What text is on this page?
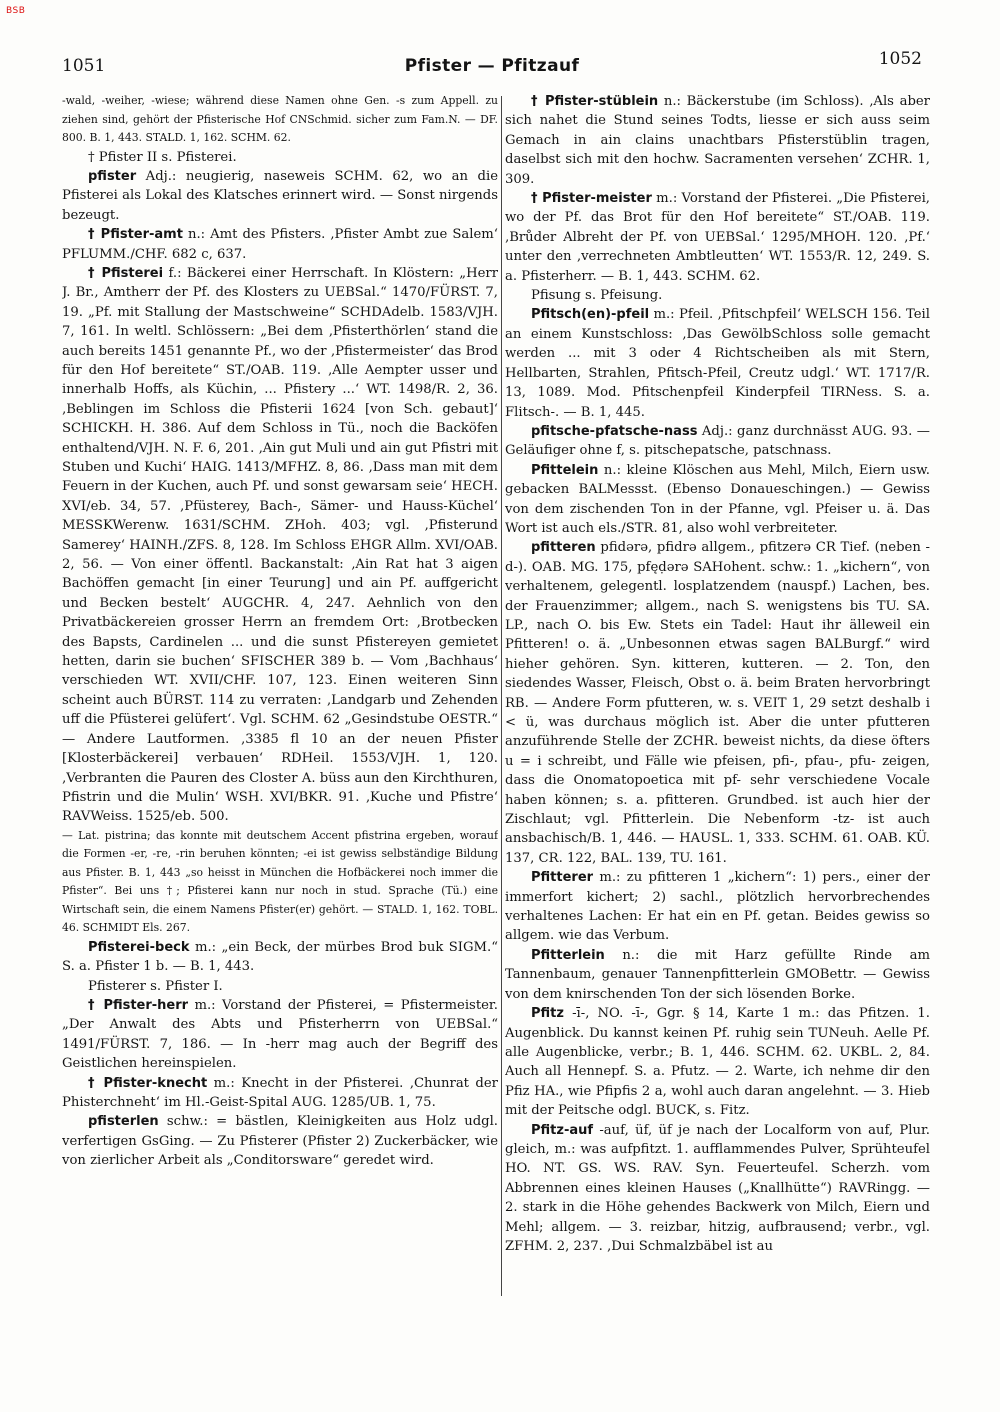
BSB
1051	Pfister — Pfitzauf	1052

-wald, -weiher, -wiese; während diese Namen ohne Gen. -s zum Appell. zu ziehen sind, gehört der Pfisterische Hof CNSchmid. sicher zum Fam.N. — DF. 800. B. 1, 443. STALD. 1, 162. SCHM. 62.

† Pfister II s. Pfisterei.

pfister Adj.: neugierig, naseweis SCHM. 62, wo an die Pfisterei als Lokal des Klatsches erinnert wird. — Sonst nirgends bezeugt.

† Pfister-amt n.: Amt des Pfisters. ‚Pfister Ambt zue Salem‘ PFLUMM./CHF. 682 c, 637.

† Pfisterei f.: Bäckerei einer Herrschaft. In Klöstern: „Herr J. Br., Amtherr der Pf. des Klosters zu UEBSal.“ 1470/FÜRST. 7, 19. „Pf. mit Stallung der Mastschweine“ SCHDAdelb. 1583/VJH. 7, 161. In weltl. Schlössern: „Bei dem ‚Pfisterthörlen‘ stand die auch bereits 1451 genannte Pf., wo der ‚Pfistermeister‘ das Brod für den Hof bereitete“ ST./OAB. 119. ‚Alle Aempter usser und innerhalb Hoffs, als Küchin, ... Pfistery ...‘ WT. 1498/R. 2, 36. ‚Beblingen im Schloss die Pfisterii 1624 [von Sch. gebaut]‘ SCHICKH. H. 386. Auf dem Schloss in Tü., noch die Backöfen enthaltend/VJH. N. F. 6, 201. ‚Ain gut Muli und ain gut Pfistri mit Stuben und Kuchi‘ HAIG. 1413/MFHZ. 8, 86. ‚Dass man mit dem Feuern in der Kuchen, auch Pf. und sonst gewarsam seie‘ HECH. XVI/eb. 34, 57. ‚Pfüsterey, Bach-, Sämer- und Hauss-Küchel‘ MESSKWerenw. 1631/SCHM. ZHoh. 403; vgl. ‚Pfisterund Samerey‘ HAINH./ZFS. 8, 128. Im Schloss EHGR Allm. XVI/OAB. 2, 56. — Von einer öffentl. Backanstalt: ‚Ain Rat hat 3 aigen Bachöffen gemacht [in einer Teurung] und ain Pf. auffgericht und Becken bestelt‘ AUGCHR. 4, 247. Aehnlich von den Privatbäckereien grosser Herrn an fremdem Ort: ‚Brotbecken des Bapsts, Cardinelen ... und die sunst Pfistereyen gemietet hetten, darin sie buchen‘ SFISCHER 389 b. — Vom ‚Bachhaus‘ verschieden WT. XVII/CHF. 107, 123. Einen weiteren Sinn scheint auch BÜRST. 114 zu verraten: ‚Landgarb und Zehenden uff die Pfüsterei gelüfert‘. Vgl. SCHM. 62 „Gesindstube OESTR.“ — Andere Lautformen. ‚3385 fl 10 an der neuen Pfister [Klosterbäckerei] verbauen‘ RDHeil. 1553/VJH. 1, 120. ‚Verbranten die Pauren des Closter A. büss aun den Kirchthuren, Pfistrin und die Mulin‘ WSH. XVI/BKR. 91. ‚Kuche und Pfistre‘ RAVWeiss. 1525/eb. 500.

— Lat. pistrina; das konnte mit deutschem Accent pfistrina ergeben, worauf die Formen -er, -re, -rin beruhen könnten; -ei ist gewiss selbständige Bildung aus Pfister. B. 1, 443 „so heisst in München die Hofbäckerei noch immer die Pfister“. Bei uns †; Pfisterei kann nur noch in stud. Sprache (Tü.) eine Wirtschaft sein, die einem Namens Pfister(er) gehört. — STALD. 1, 162. TOBL. 46. SCHMIDT Els. 267.

Pfisterei-beck m.: „ein Beck, der mürbes Brod buk SIGM.“ S. a. Pfister 1 b. — B. 1, 443.

Pfisterer s. Pfister I.

† Pfister-herr m.: Vorstand der Pfisterei, = Pfistermeister. „Der Anwalt des Abts und Pfisterherrn von UEBSal.“ 1491/FÜRST. 7, 186. — In -herr mag auch der Begriff des Geistlichen hereinspielen.

† Pfister-knecht m.: Knecht in der Pfisterei. ‚Chunrat der Phisterchneht‘ im Hl.-Geist-Spital AUG. 1285/UB. 1, 75.

pfisterlen schw.: = bästlen, Kleinigkeiten aus Holz udgl. verfertigen GsGing. — Zu Pfisterer (Pfister 2) Zuckerbäcker, wie von zierlicher Arbeit als „Conditorsware“ geredet wird.

† Pfister-stüblein n.: Bäckerstube (im Schloss). ‚Als aber sich nahet die Stund seines Todts, liesse er sich auss seim Gemach in ain clains unachtbars Pfisterstüblin tragen, daselbst sich mit den hochw. Sacramenten versehen‘ ZCHR. 1, 309.

† Pfister-meister m.: Vorstand der Pfisterei. „Die Pfisterei, wo der Pf. das Brot für den Hof bereitete“ ST./OAB. 119. ‚Brůder Albreht der Pf. von UEBSal.‘ 1295/MHOH. 120. ‚Pf.‘ unter den ‚verrechneten Ambtleutten‘ WT. 1553/R. 12, 249. S. a. Pfisterherr. — B. 1, 443. SCHM. 62.

Pfisung s. Pfeisung.

Pfitsch(en)-pfeil m.: Pfeil. ‚Pfitschpfeil‘ WELSCH 156. Teil an einem Kunstschloss: ‚Das GewölbSchloss solle gemacht werden ... mit 3 oder 4 Richtscheiben als mit Stern, Hellbarten, Strahlen, Pfitsch-Pfeil, Creutz udgl.‘ WT. 1717/R. 13, 1089. Mod. Pfitschenpfeil Kinderpfeil TIRNess. S. a. Flitsch-. — B. 1, 445.

pfitsche-pfatsche-nass Adj.: ganz durchnässt AUG. 93. — Geläufiger ohne f, s. pitschepatsche, patschnass.

Pfittelein n.: kleine Klöschen aus Mehl, Milch, Eiern usw. gebacken BALMessst. (Ebenso Donaueschingen.) — Gewiss von dem zischenden Ton in der Pfanne, vgl. Pfeiser u. ä. Das Wort ist auch els./STR. 81, also wohl verbreiteter.

pfitteren pfidərə, pfidrə allgem., pfitzerə CR Tief. (neben -d-). OAB. MG. 175, pfęḍərə SAHohent. schw.: 1. „kichern“, von verhaltenem, gelegentl. losplatzendem (nauspf.) Lachen, bes. der Frauenzimmer; allgem., nach S. wenigstens bis TU. SA. LP., nach O. bis Ew. Stets ein Tadel: Haut ihr älleweil ein Pfitteren! o. ä. „Unbesonnen etwas sagen BALBurgf.“ wird hieher gehören. Syn. kitteren, kutteren. — 2. Ton, den siedendes Wasser, Fleisch, Obst o. ä. beim Braten hervorbringt RB. — Andere Form pfutteren, w. s. VEIT 1, 29 setzt deshalb i < ü, was durchaus möglich ist. Aber die unter pfutteren anzuführende Stelle der ZCHR. beweist nichts, da diese öfters u = i schreibt, und Fälle wie pfeisen, pfi-, pfau-, pfu- zeigen, dass die Onomatopoetica mit pf- sehr verschiedene Vocale haben können; s. a. pfitteren. Grundbed. ist auch hier der Zischlaut; vgl. Pfitterlein. Die Nebenform -tz- ist auch ansbachisch/B. 1, 446. — HAUSL. 1, 333. SCHM. 61. OAB. KÜ. 137, CR. 122, BAL. 139, TU. 161.

Pfitterer m.: zu pfitteren 1 „kichern“: 1) pers., einer der immerfort kichert; 2) sachl., plötzlich hervorbrechendes verhaltenes Lachen: Er hat ein en Pf. getan. Beides gewiss so allgem. wie das Verbum.

Pfitterlein n.: die mit Harz gefüllte Rinde am Tannenbaum, genauer Tannenpfitterlein GMOBettr. — Gewiss von dem knirschenden Ton der sich lösenden Borke.

Pfitz -ī-, NO. -ī-, Ggr. § 14, Karte 1 m.: das Pfitzen. 1. Augenblick. Du kannst keinen Pf. ruhig sein TUNeuh. Aelle Pf. alle Augenblicke, verbr.; B. 1, 446. SCHM. 62. UKBL. 2, 84. Auch all Hennepf. S. a. Pfutz. — 2. Warte, ich nehme dir den Pfiz HA., wie Pfipfis 2 a, wohl auch daran angelehnt. — 3. Hieb mit der Peitsche odgl. BUCK, s. Fitz.

Pfitz-auf -auf, üf, üf je nach der Localform von auf, Plur. gleich, m.: was aufpfitzt. 1. aufflammendes Pulver, Sprühteufel HO. NT. GS. WS. RAV. Syn. Feuerteufel. Scherzh. vom Abbrennen eines kleinen Hauses („Knallhütte“) RAVRingg. — 2. stark in die Höhe gehendes Backwerk von Milch, Eiern und Mehl; allgem. — 3. reizbar, hitzig, aufbrausend; verbr., vgl. ZFHM. 2, 237. ‚Dui Schmalzbäbel ist au
